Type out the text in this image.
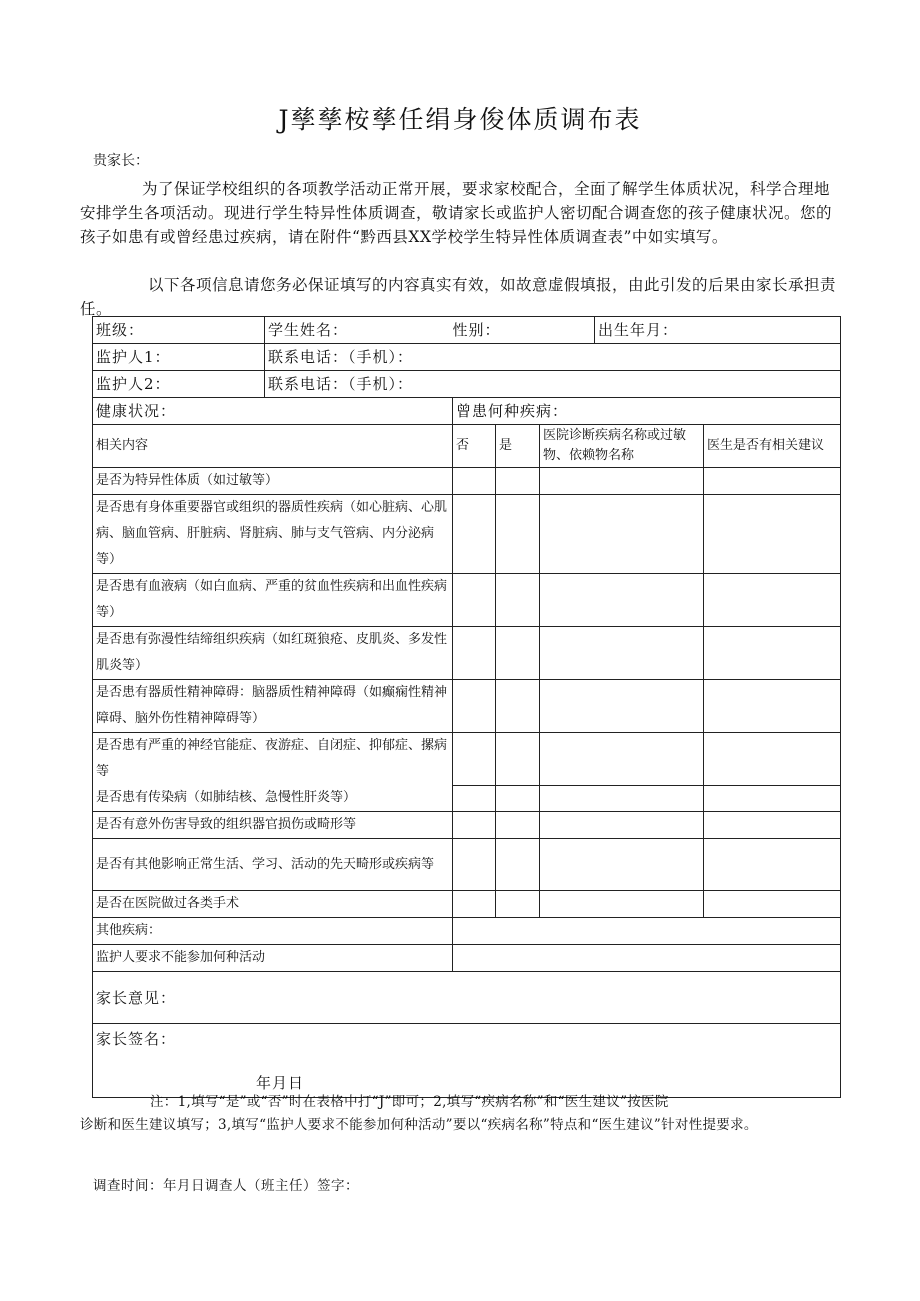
J孳孳桉孳任绢身俊体质调布表
贵家长：
为了保证学校组织的各项教学活动正常开展，要求家校配合，全面了解学生体质状况，科学合理地安排学生各项活动。现进行学生特异性体质调查，敬请家长或监护人密切配合调查您的孩子健康状况。您的孩子如患有或曾经患过疾病，请在附件“黔西县XX学校学生特异性体质调查表”中如实填写。
以下各项信息请您务必保证填写的内容真实有效，如故意虚假填报，由此引发的后果由家长承担责任。
班级：	学生姓名：	性别：			出生年月：	
监护人1：	联系电话：（手机）：					
监护人2：	联系电话：（手机）：					
健康状况：		曾患何种疾病：				
相关内容		否	是	医院诊断疾病名称或过敏物、依赖物名称		医生是否有相关建议
是否为特异性体质（如过敏等）						
是否患有身体重要器官或组织的器质性疾病（如心脏病、心肌病、脑血管病、肝脏病、肾脏病、肺与支气管病、内分泌病等）						
是否患有血液病（如白血病、严重的贫血性疾病和出血性疾病等）						
是否患有弥漫性结缔组织疾病（如红斑狼疮、皮肌炎、多发性肌炎等）						
是否患有器质性精神障碍：脑器质性精神障碍（如癫痫性精神障碍、脑外伤性精神障碍等）						
是否患有严重的神经官能症、夜游症、自闭症、抑郁症、摞病等						
是否患有传染病（如肺结核、急慢性肝炎等）						
是否有意外伤害导致的组织器官损伤或畸形等						
是否有其他影响正常生活、学习、活动的先天畸形或疾病等						
是否在医院做过各类手术						
其他疾病：						
监护人要求不能参加何种活动						
家长意见：						

家长签名：
年月日						
注：1,填写“是”或“否”时在表格中打“J”即可；2,填写“疾病名称”和“医生建议”按医院
诊断和医生建议填写；3,填写“监护人要求不能参加何种活动”要以“疾病名称”特点和“医生建议”针对性提要求。
调查时间：年月日调查人（班主任）签字：
